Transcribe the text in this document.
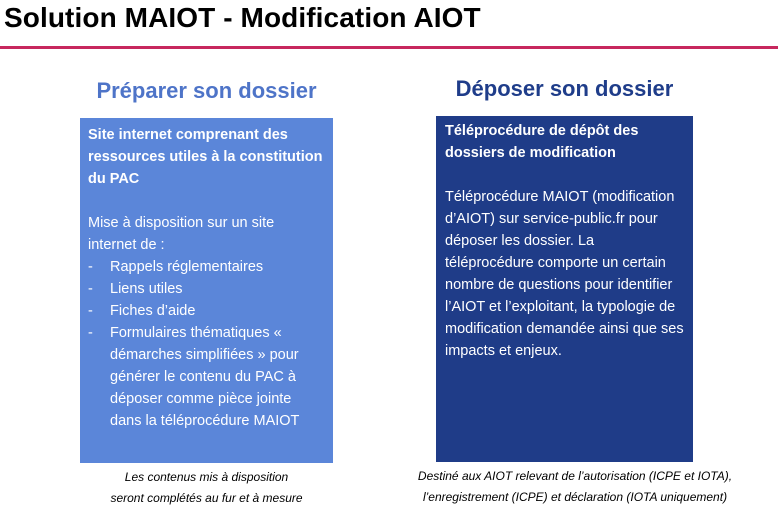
Solution MAIOT - Modification AIOT
Préparer son dossier	Déposer son dossier

Site internet comprenant des ressources utiles à la constitution du PAC

Mise à disposition sur un site internet de :

- Rappels réglementaires
- Liens utiles
- Fiches d’aide
- Formulaires thématiques « démarches simplifiées » pour générer le contenu du PAC à déposer comme pièce jointe dans la téléprocédure MAIOT

Téléprocédure de dépôt des dossiers de modification

Téléprocédure MAIOT (modification d’AIOT) sur service-public.fr pour déposer les dossier. La téléprocédure comporte un certain nombre de questions pour identifier l’AIOT et l’exploitant, la typologie de modification demandée ainsi que ses impacts et enjeux.

Les contenus mis à disposition
seront complétés au fur et à mesure
Destiné aux AIOT relevant de l’autorisation (ICPE et IOTA),
l’enregistrement (ICPE) et déclaration (IOTA uniquement)
